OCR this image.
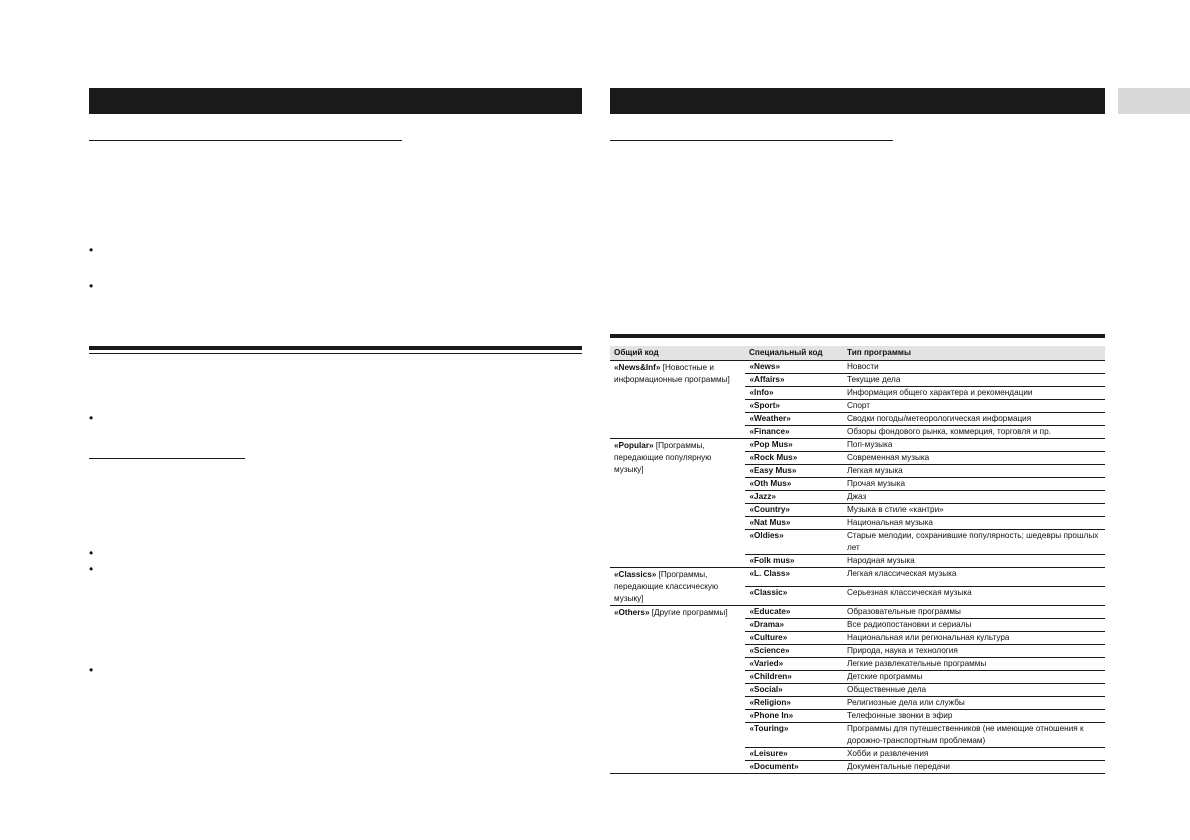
•
•
•
•
•
•
Общий код	Специальный код	Тип программы
«News&Inf» [Новостные и информационные программы]	«News»	Новости
	«Affairs»	Текущие дела
	«Info»	Информация общего характера и рекомендации
	«Sport»	Спорт
	«Weather»	Сводки погоды/метеорологическая информация
	«Finance»	Обзоры фондового рынка, коммерция, торговля и пр.
«Popular» [Программы, передающие популярную музыку]	«Pop Mus»	Поп-музыка
	«Rock Mus»	Современная музыка
	«Easy Mus»	Легкая музыка
	«Oth Mus»	Прочая музыка
	«Jazz»	Джаз
	«Country»	Музыка в стиле «кантри»
	«Nat Mus»	Национальная музыка
	«Oldies»	Старые мелодии, сохранившие популярность; шедевры прошлых лет
	«Folk mus»	Народная музыка
«Classics» [Программы, передающие классическую музыку]	«L. Class»	Легкая классическая музыка
	«Classic»	Серьезная классическая музыка
«Others» [Другие программы]	«Educate»	Образовательные программы
	«Drama»	Все радиопостановки и сериалы
	«Culture»	Национальная или региональная культура
	«Science»	Природа, наука и технология
	«Varied»	Легкие развлекательные программы
	«Children»	Детские программы
	«Social»	Общественные дела
	«Religion»	Религиозные дела или службы
	«Phone In»	Телефонные звонки в эфир
	«Touring»	Программы для путешественников (не имеющие отношения к дорожно-транспортным проблемам)
	«Leisure»	Хобби и развлечения
	«Document»	Документальные передачи
